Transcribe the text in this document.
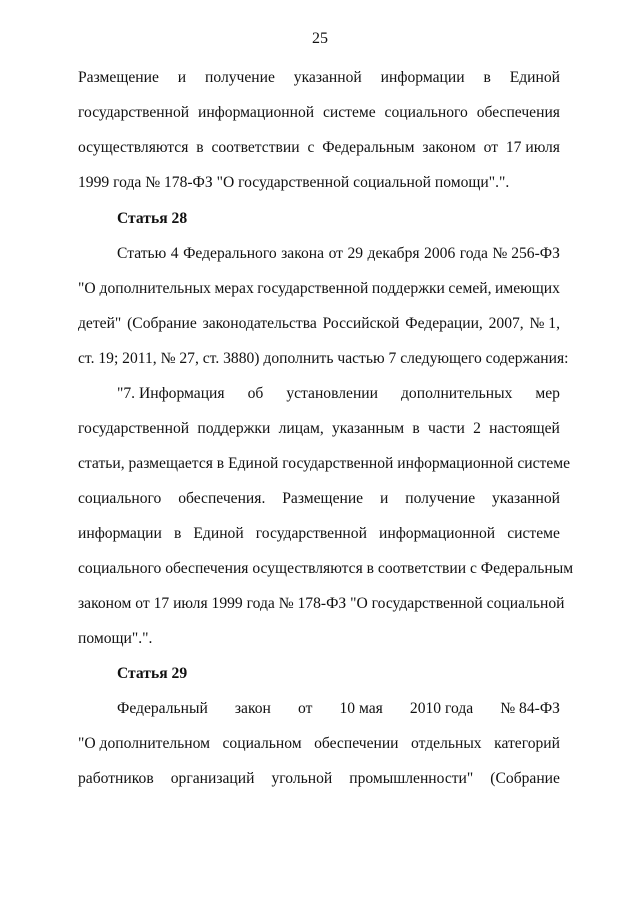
25
Размещение и получение указанной информации в Единой
государственной информационной системе социального обеспечения
осуществляются в соответствии с Федеральным законом от 17 июля
1999 года № 178-ФЗ "О государственной социальной помощи".".
Статья 28
Статью 4 Федерального закона от 29 декабря 2006 года № 256-ФЗ
"О дополнительных мерах государственной поддержки семей, имеющих
детей" (Собрание законодательства Российской Федерации, 2007, № 1,
ст. 19; 2011, № 27, ст. 3880) дополнить частью 7 следующего содержания:
"7. Информация об установлении дополнительных мер
государственной поддержки лицам, указанным в части 2 настоящей
статьи, размещается в Единой государственной информационной системе
социального обеспечения. Размещение и получение указанной
информации в Единой государственной информационной системе
социального обеспечения осуществляются в соответствии с Федеральным
законом от 17 июля 1999 года № 178-ФЗ "О государственной социальной
помощи".".
Статья 29
Федеральный закон от 10 мая 2010 года № 84-ФЗ
"О дополнительном социальном обеспечении отдельных категорий
работников организаций угольной промышленности" (Собрание
